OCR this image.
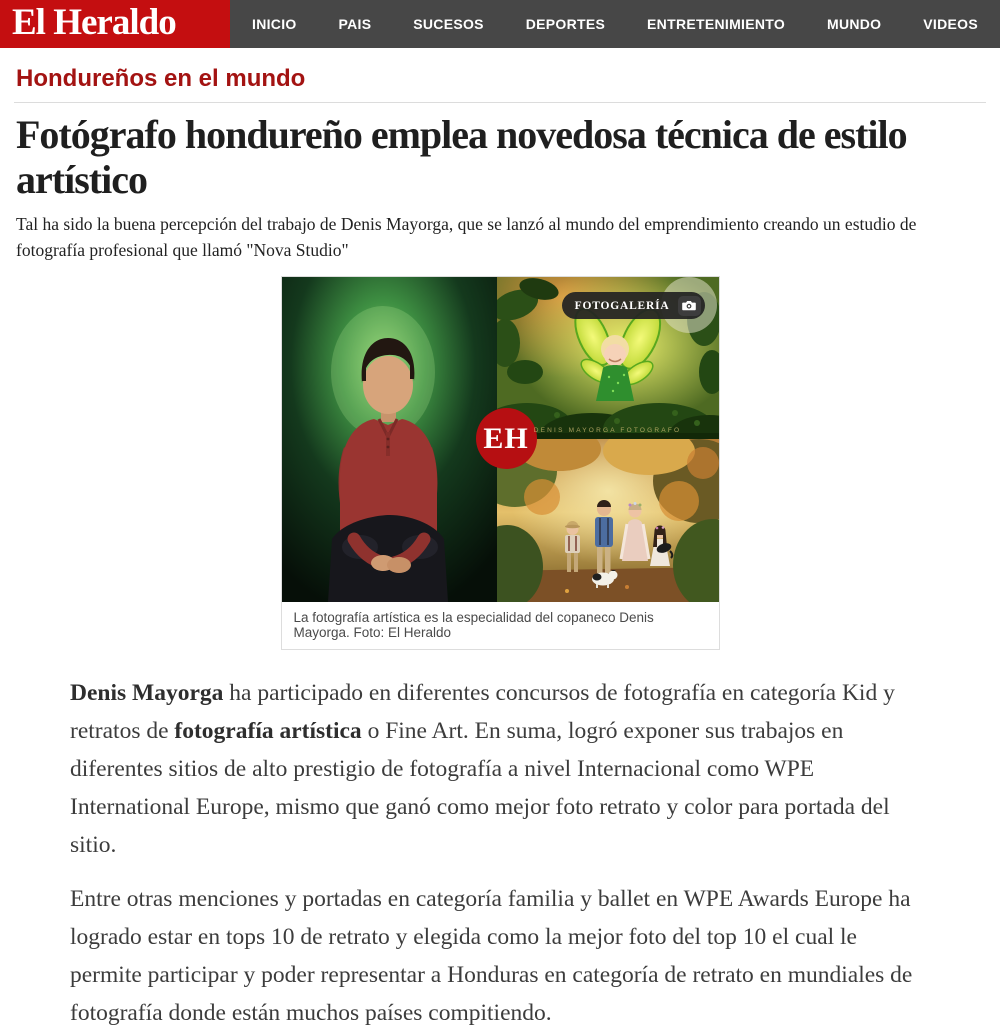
El Heraldo	INICIO	PAIS	SUCESOS	DEPORTES	ENTRETENIMIENTO	MUNDO	VIDEOS
Hondureños en el mundo
Fotógrafo hondureño emplea novedosa técnica de estilo artístico

Tal ha sido la buena percepción del trabajo de Denis Mayorga, que se lanzó al mundo del emprendimiento creando un estudio de fotografía profesional que llamó "Nova Studio"

FOTOGALERÍA
EH DENIS MAYORGA FOTOGRAFO
La fotografía artística es la especialidad del copaneco Denis Mayorga. Foto: El Heraldo

Denis Mayorga ha participado en diferentes concursos de fotografía en categoría Kid y retratos de fotografía artística o Fine Art. En suma, logró exponer sus trabajos en diferentes sitios de alto prestigio de fotografía a nivel Internacional como WPE International Europe, mismo que ganó como mejor foto retrato y color para portada del sitio.

Entre otras menciones y portadas en categoría familia y ballet en WPE Awards Europe ha logrado estar en tops 10 de retrato y elegida como la mejor foto del top 10 el cual le permite participar y poder representar a Honduras en categoría de retrato en mundiales de fotografía donde están muchos países compitiendo.
